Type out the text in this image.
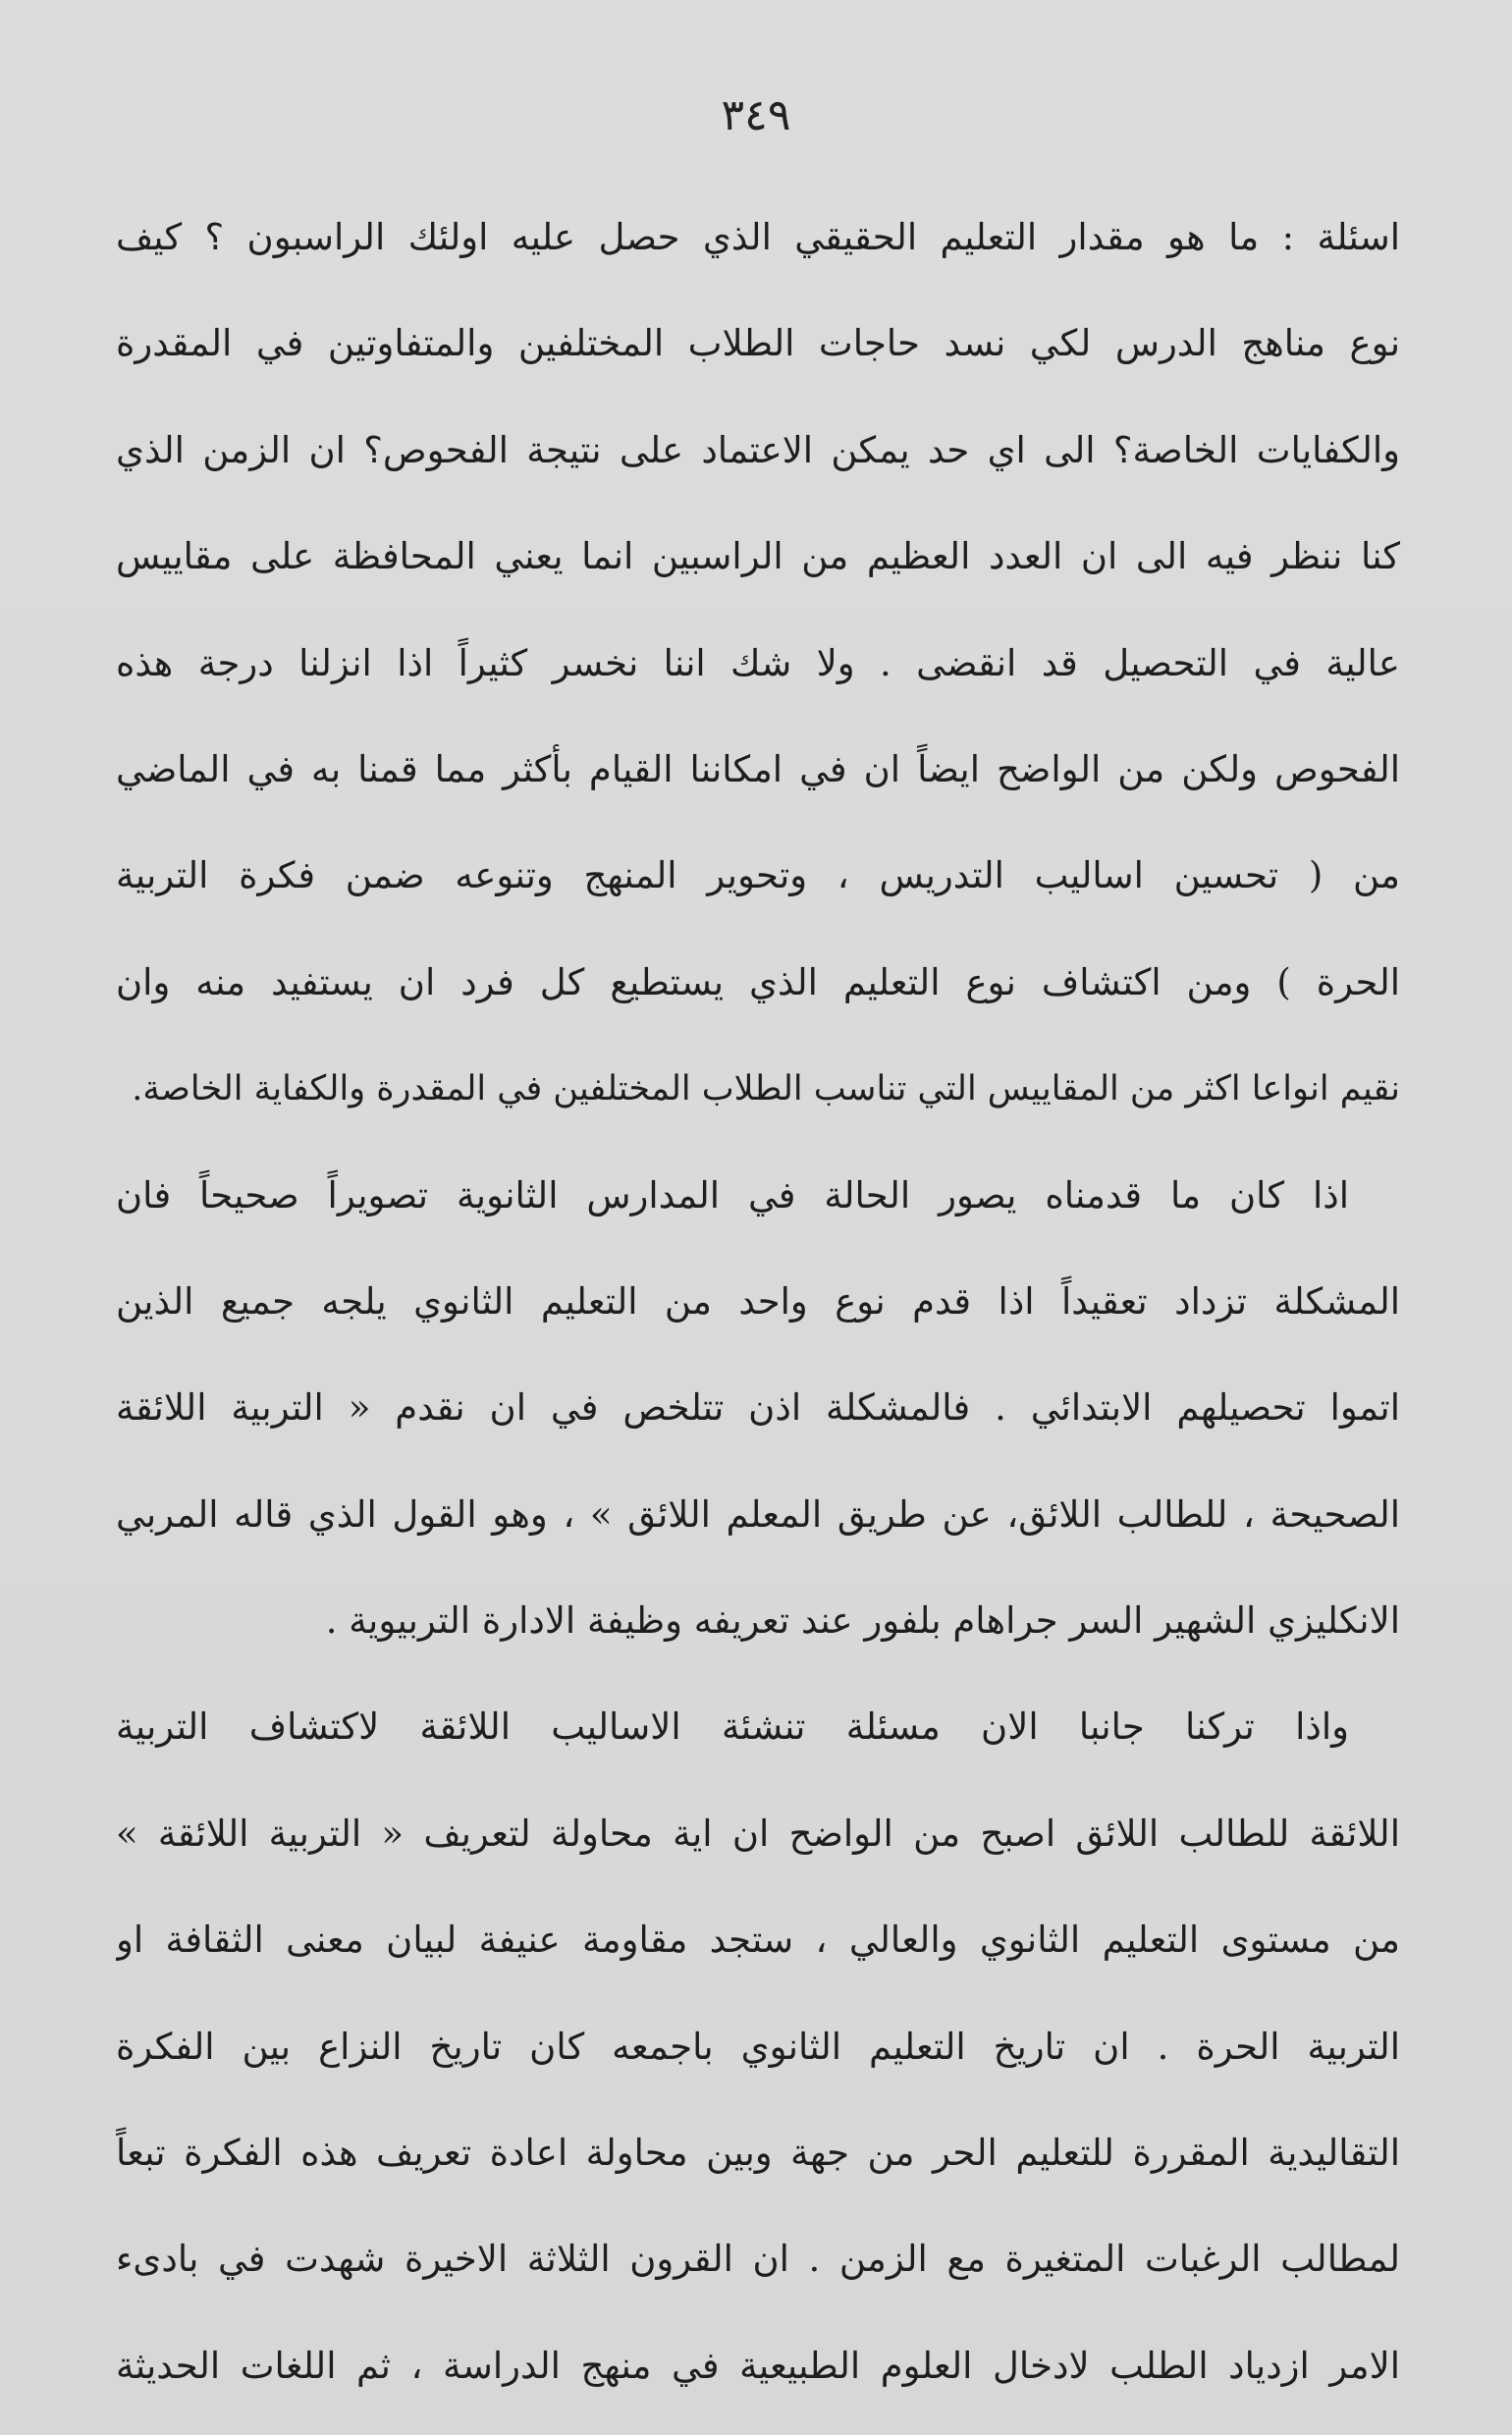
٣٤٩
اسئلة : ما هو مقدار التعليم الحقيقي الذي حصل عليه اولئك الراسبون ؟ كيف
نوع مناهج الدرس لكي نسد حاجات الطلاب المختلفين والمتفاوتين في المقدرة
والكفايات الخاصة؟ الى اي حد يمكن الاعتماد على نتيجة الفحوص؟ ان الزمن الذي
كنا ننظر فيه الى ان العدد العظيم من الراسبين انما يعني المحافظة على مقاييس
عالية في التحصيل قد انقضى . ولا شك اننا نخسر كثيراً اذا انزلنا درجة هذه
الفحوص ولكن من الواضح ايضاً ان في امكاننا القيام بأكثر مما قمنا به في الماضي
من ( تحسين اساليب التدريس ، وتحوير المنهج وتنوعه ضمن فكرة التربية
الحرة ) ومن اكتشاف نوع التعليم الذي يستطيع كل فرد ان يستفيد منه وان
نقيم انواعا اكثر من المقاييس التي تناسب الطلاب المختلفين في المقدرة والكفاية الخاصة.
اذا كان ما قدمناه يصور الحالة في المدارس الثانوية تصويراً صحيحاً فان
المشكلة تزداد تعقيداً اذا قدم نوع واحد من التعليم الثانوي يلجه جميع الذين
اتموا تحصيلهم الابتدائي . فالمشكلة اذن تتلخص في ان نقدم « التربية اللائقة
الصحيحة ، للطالب اللائق، عن طريق المعلم اللائق » ، وهو القول الذي قاله المربي
الانكليزي الشهير السر جراهام بلفور عند تعريفه وظيفة الادارة التربيوية .
واذا تركنا جانبا الان مسئلة تنشئة الاساليب اللائقة لاكتشاف التربية
اللائقة للطالب اللائق اصبح من الواضح ان اية محاولة لتعريف « التربية اللائقة »
من مستوى التعليم الثانوي والعالي ، ستجد مقاومة عنيفة لبيان معنى الثقافة او
التربية الحرة . ان تاريخ التعليم الثانوي باجمعه كان تاريخ النزاع بين الفكرة
التقاليدية المقررة للتعليم الحر من جهة وبين محاولة اعادة تعريف هذه الفكرة تبعاً
لمطالب الرغبات المتغيرة مع الزمن . ان القرون الثلاثة الاخيرة شهدت في بادىء
الامر ازدياد الطلب لادخال العلوم الطبيعية في منهج الدراسة ، ثم اللغات الحديثة
